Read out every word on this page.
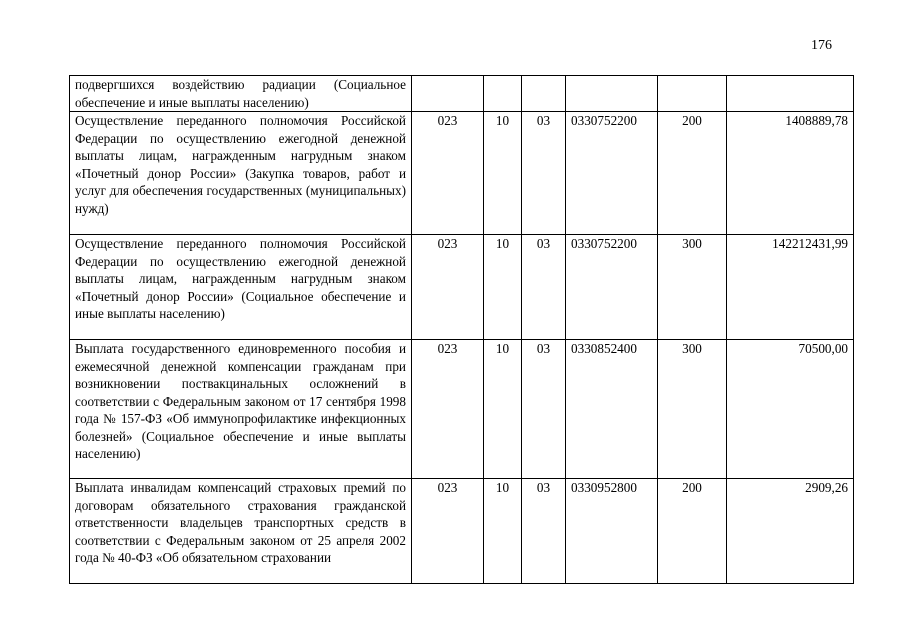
176
подвергшихся воздействию радиации (Социальное обеспечение и иные выплаты населению)						
Осуществление переданного полномочия Российской Федерации по осуществлению ежегодной денежной выплаты лицам, награжденным нагрудным знаком «Почетный донор России» (Закупка товаров, работ и услуг для обеспечения государственных (муниципальных) нужд)	023	10	03	0330752200	200	1408889,78
Осуществление переданного полномочия Российской Федерации по осуществлению ежегодной денежной выплаты лицам, награжденным нагрудным знаком «Почетный донор России» (Социальное обеспечение и иные выплаты населению)	023	10	03	0330752200	300	142212431,99
Выплата государственного единовременного пособия и ежемесячной денежной компенсации гражданам при возникновении поствакцинальных осложнений в соответствии с Федеральным законом от 17 сентября 1998 года № 157-ФЗ «Об иммунопрофилактике инфекционных болезней» (Социальное обеспечение и иные выплаты населению)	023	10	03	0330852400	300	70500,00
Выплата инвалидам компенсаций страховых премий по договорам обязательного страхования гражданской ответственности владельцев транспортных средств в соответствии с Федеральным законом от 25 апреля 2002 года № 40-ФЗ «Об обязательном страховании	023	10	03	0330952800	200	2909,26
